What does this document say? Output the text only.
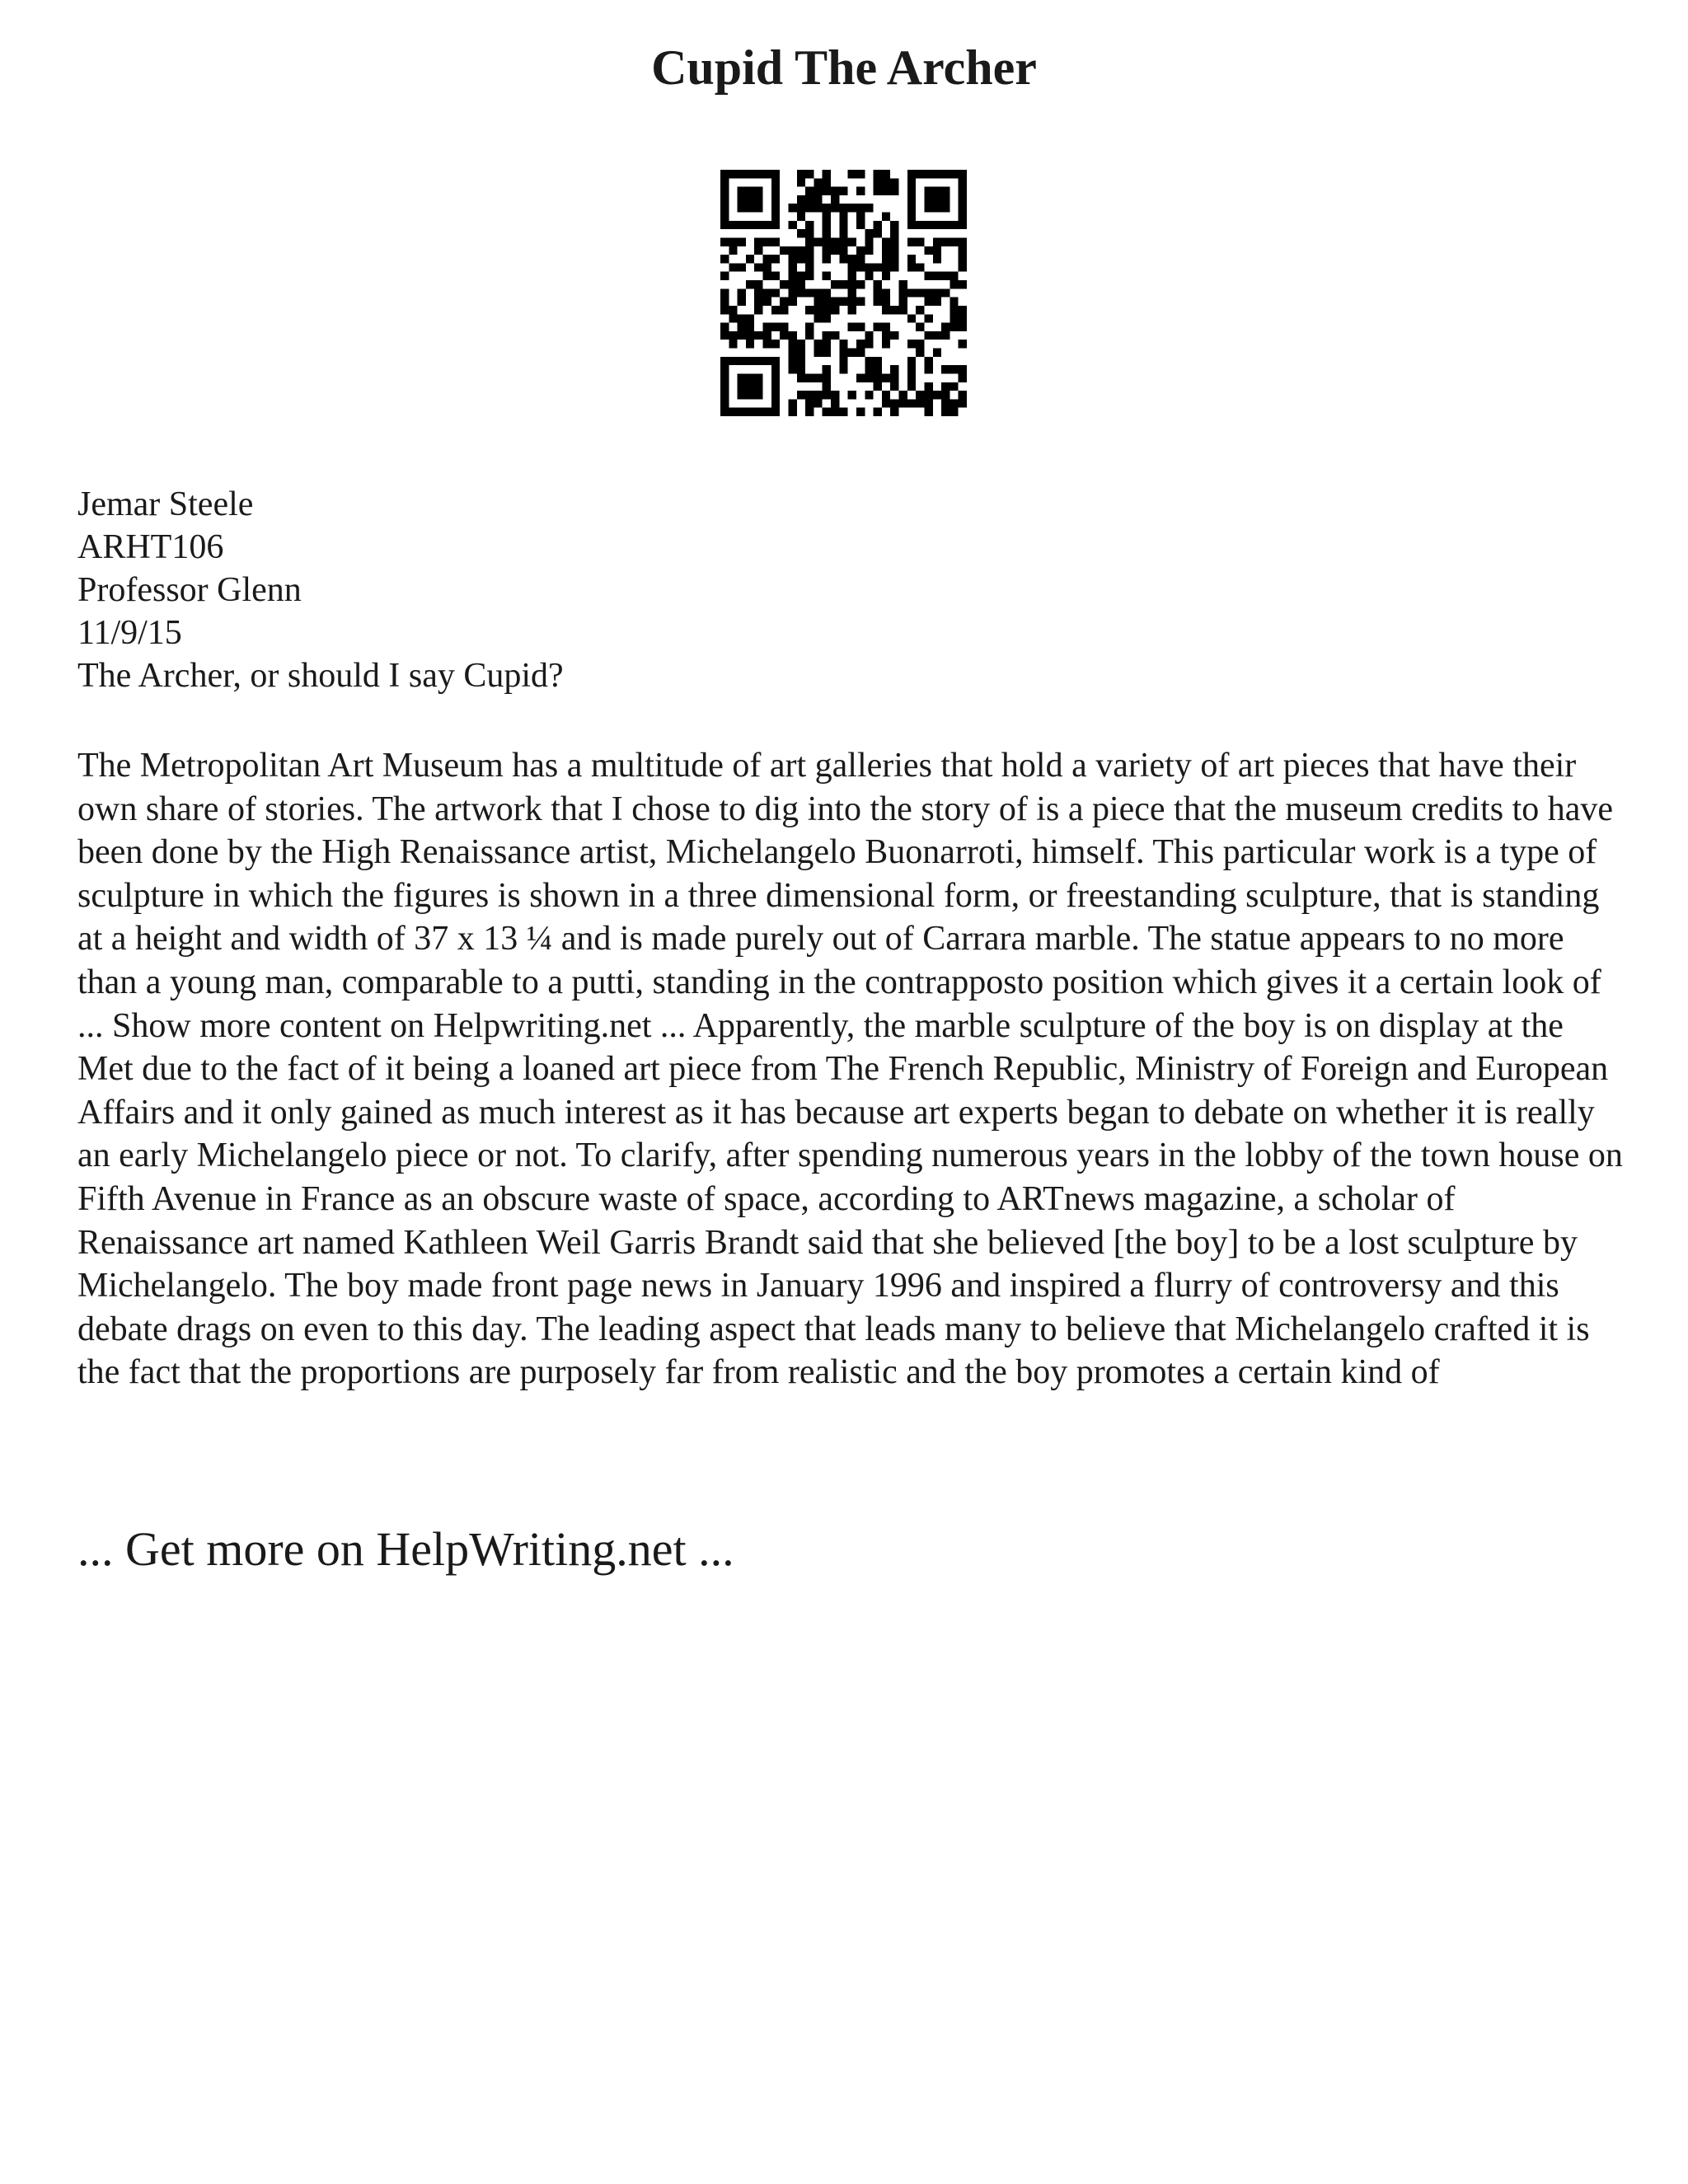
Cupid The Archer
Jemar Steele
ARHT106
Professor Glenn
11/9/15
The Archer, or should I say Cupid?

The Metropolitan Art Museum has a multitude of art galleries that hold a variety of art pieces that have their own share of stories. The artwork that I chose to dig into the story of is a piece that the museum credits to have been done by the High Renaissance artist, Michelangelo Buonarroti, himself. This particular work is a type of sculpture in which the figures is shown in a three dimensional form, or freestanding sculpture, that is standing at a height and width of 37 x 13 ¼ and is made purely out of Carrara marble. The statue appears to no more than a young man, comparable to a putti, standing in the contrapposto position which gives it a certain look of ... Show more content on Helpwriting.net ... Apparently, the marble sculpture of the boy is on display at the Met due to the fact of it being a loaned art piece from The French Republic, Ministry of Foreign and European Affairs and it only gained as much interest as it has because art experts began to debate on whether it is really an early Michelangelo piece or not. To clarify, after spending numerous years in the lobby of the town house on Fifth Avenue in France as an obscure waste of space, according to ARTnews magazine, a scholar of Renaissance art named Kathleen Weil Garris Brandt said that she believed [the boy] to be a lost sculpture by Michelangelo. The boy made front page news in January 1996 and inspired a flurry of controversy and this debate drags on even to this day. The leading aspect that leads many to believe that Michelangelo crafted it is the fact that the proportions are purposely far from realistic and the boy promotes a certain kind of

... Get more on HelpWriting.net ...
